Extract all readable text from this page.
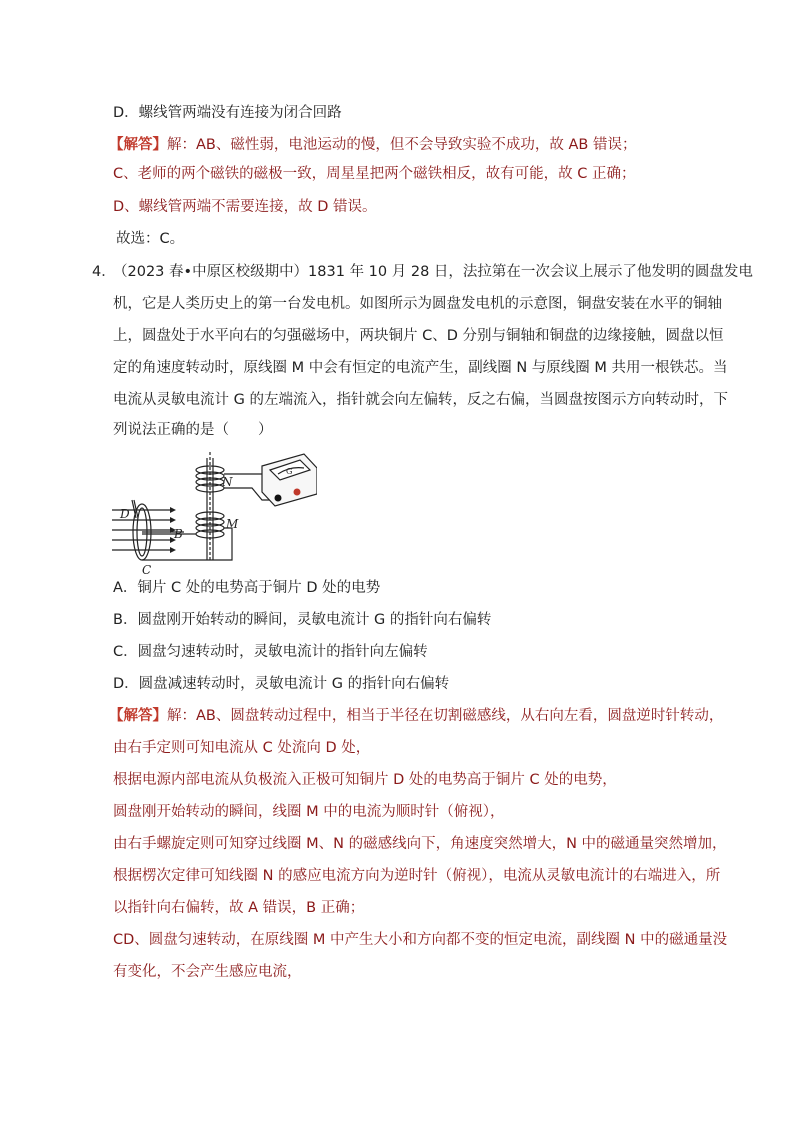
D．螺线管两端没有连接为闭合回路
【解答】解：AB、磁性弱，电池运动的慢，但不会导致实验不成功，故 AB 错误；
C、老师的两个磁铁的磁极一致，周星星把两个磁铁相反，故有可能，故 C 正确；
D、螺线管两端不需要连接，故 D 错误。
故选：C。
4．
（2023 春•中原区校级期中）1831 年 10 月 28 日，法拉第在一次会议上展示了他发明的圆盘发电
机，它是人类历史上的第一台发电机。如图所示为圆盘发电机的示意图，铜盘安装在水平的铜轴
上，圆盘处于水平向右的匀强磁场中，两块铜片 C、D 分别与铜轴和铜盘的边缘接触，圆盘以恒
定的角速度转动时，原线圈 M 中会有恒定的电流产生，副线圈 N 与原线圈 M 共用一根铁芯。当
电流从灵敏电流计 G 的左端流入，指针就会向左偏转，反之右偏，当圆盘按图示方向转动时，下
列说法正确的是（　　）
D
C
B
M
N
G
A．铜片 C 处的电势高于铜片 D 处的电势
B．圆盘刚开始转动的瞬间，灵敏电流计 G 的指针向右偏转
C．圆盘匀速转动时，灵敏电流计的指针向左偏转
D．圆盘减速转动时，灵敏电流计 G 的指针向右偏转
【解答】解：AB、圆盘转动过程中，相当于半径在切割磁感线，从右向左看，圆盘逆时针转动，
由右手定则可知电流从 C 处流向 D 处，
根据电源内部电流从负极流入正极可知铜片 D 处的电势高于铜片 C 处的电势，
圆盘刚开始转动的瞬间，线圈 M 中的电流为顺时针（俯视），
由右手螺旋定则可知穿过线圈 M、N 的磁感线向下，角速度突然增大，N 中的磁通量突然增加，
根据楞次定律可知线圈 N 的感应电流方向为逆时针（俯视），电流从灵敏电流计的右端进入，所
以指针向右偏转，故 A 错误，B 正确；
CD、圆盘匀速转动，在原线圈 M 中产生大小和方向都不变的恒定电流，副线圈 N 中的磁通量没
有变化，不会产生感应电流，
